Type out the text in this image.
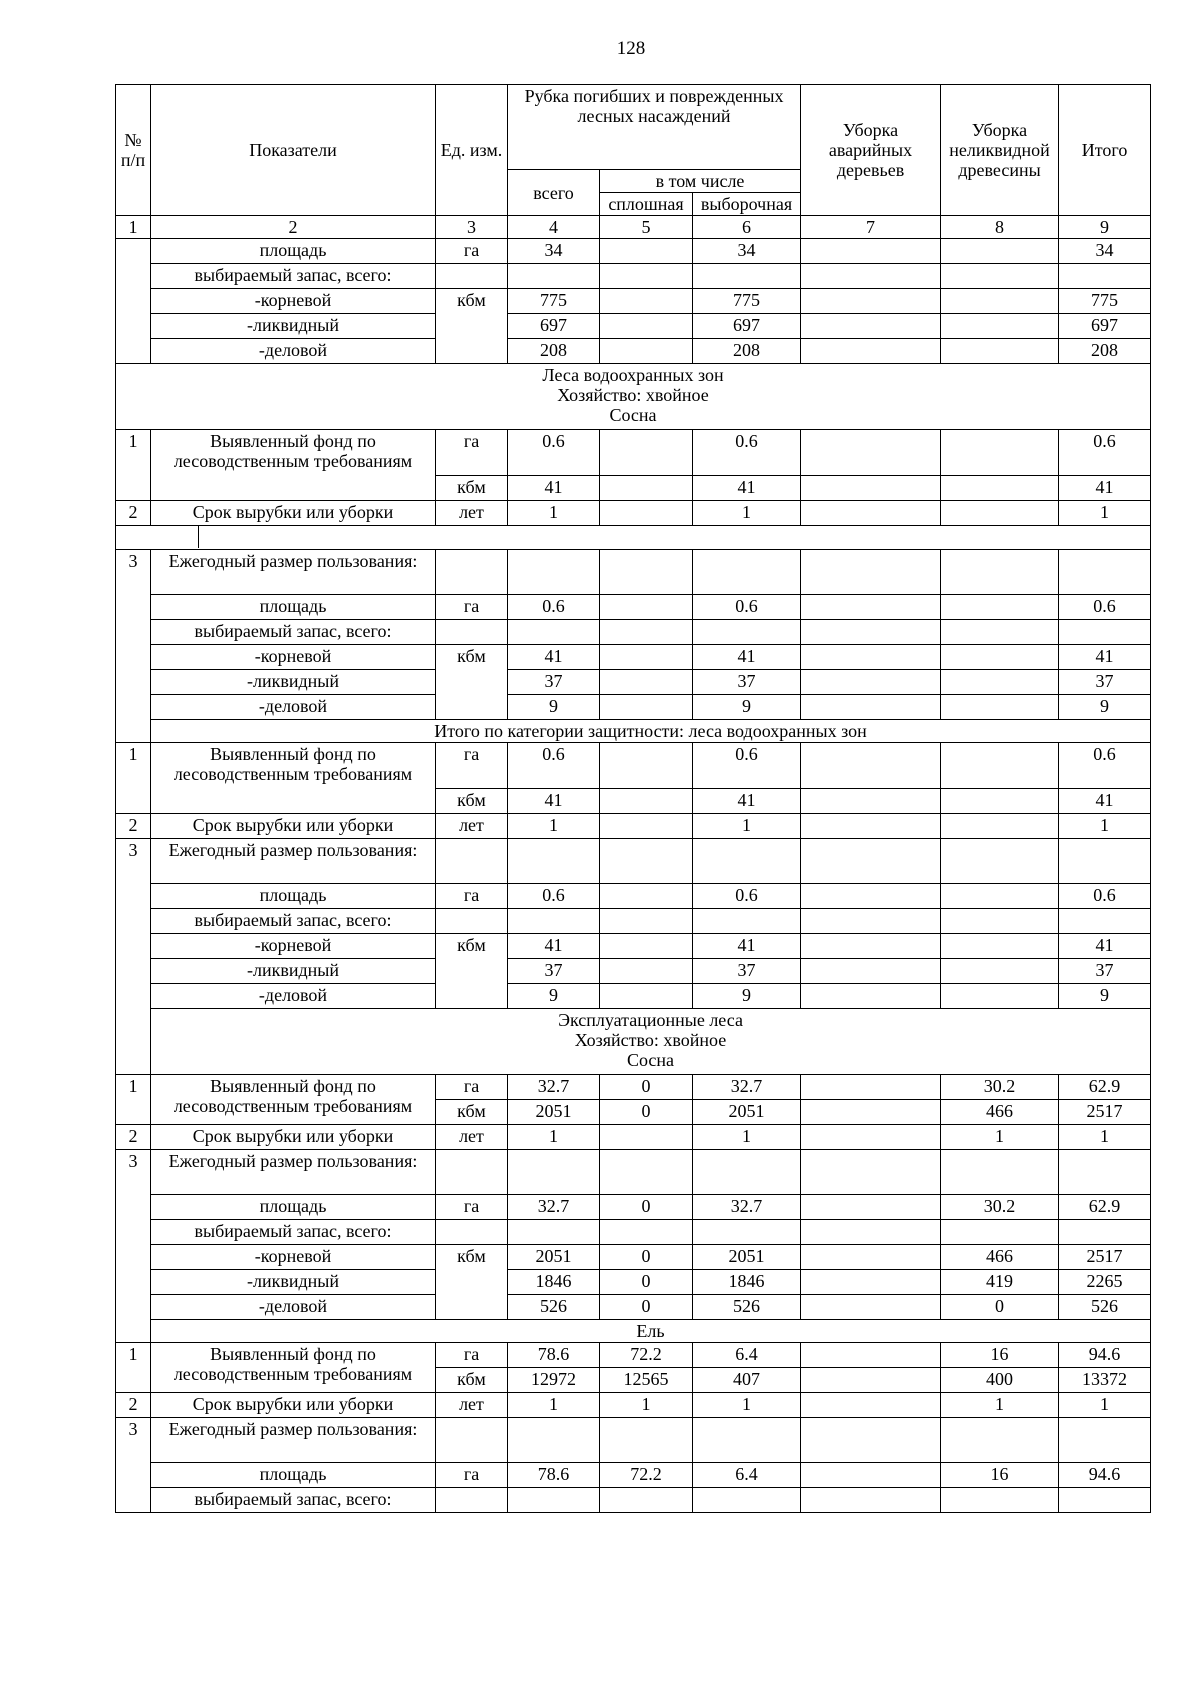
128
№ п/п	Показатели	Ед. изм.	Рубка погибших и поврежденных лесных насаждений			Уборка аварийных деревьев	Уборка неликвидной древесины	Итого
			всего	в том числе				
				сплошная	выборочная			
1	2	3	4	5	6	7	8	9
	площадь	га	34		34			34
	выбираемый запас, всего:							
	-корневой	кбм	775		775			775
	-ликвидный		697		697			697
	-деловой		208		208			208

Леса водоохранных зон
Хозяйство: хвойное
Сосна								

1	Выявленный фонд по лесоводственным требованиям	га	0.6		0.6			0.6
		кбм	41		41			41
2	Срок вырубки или уборки	лет	1		1			1

3	Ежегодный размер пользования:							
	площадь	га	0.6		0.6			0.6
	выбираемый запас, всего:							
	-корневой	кбм	41		41			41
	-ликвидный		37		37			37
	-деловой		9		9			9

	Итого по категории защитности: леса водоохранных зон							

1	Выявленный фонд по лесоводственным требованиям	га	0.6		0.6			0.6
		кбм	41		41			41
2	Срок вырубки или уборки	лет	1		1			1
3	Ежегодный размер пользования:							
	площадь	га	0.6		0.6			0.6
	выбираемый запас, всего:							
	-корневой	кбм	41		41			41
	-ликвидный		37		37			37
	-деловой		9		9			9

	Эксплуатационные леса
Хозяйство: хвойное
Сосна							

1	Выявленный фонд по лесоводственным требованиям	га	32.7	0	32.7		30.2	62.9
		кбм	2051	0	2051		466	2517
2	Срок вырубки или уборки	лет	1		1		1	1
3	Ежегодный размер пользования:							
	площадь	га	32.7	0	32.7		30.2	62.9
	выбираемый запас, всего:							
	-корневой	кбм	2051	0	2051		466	2517
	-ликвидный		1846	0	1846		419	2265
	-деловой		526	0	526		0	526

	Ель							

1	Выявленный фонд по лесоводственным требованиям	га	78.6	72.2	6.4		16	94.6
		кбм	12972	12565	407		400	13372
2	Срок вырубки или уборки	лет	1	1	1		1	1
3	Ежегодный размер пользования:							
	площадь	га	78.6	72.2	6.4		16	94.6
	выбираемый запас, всего:							
